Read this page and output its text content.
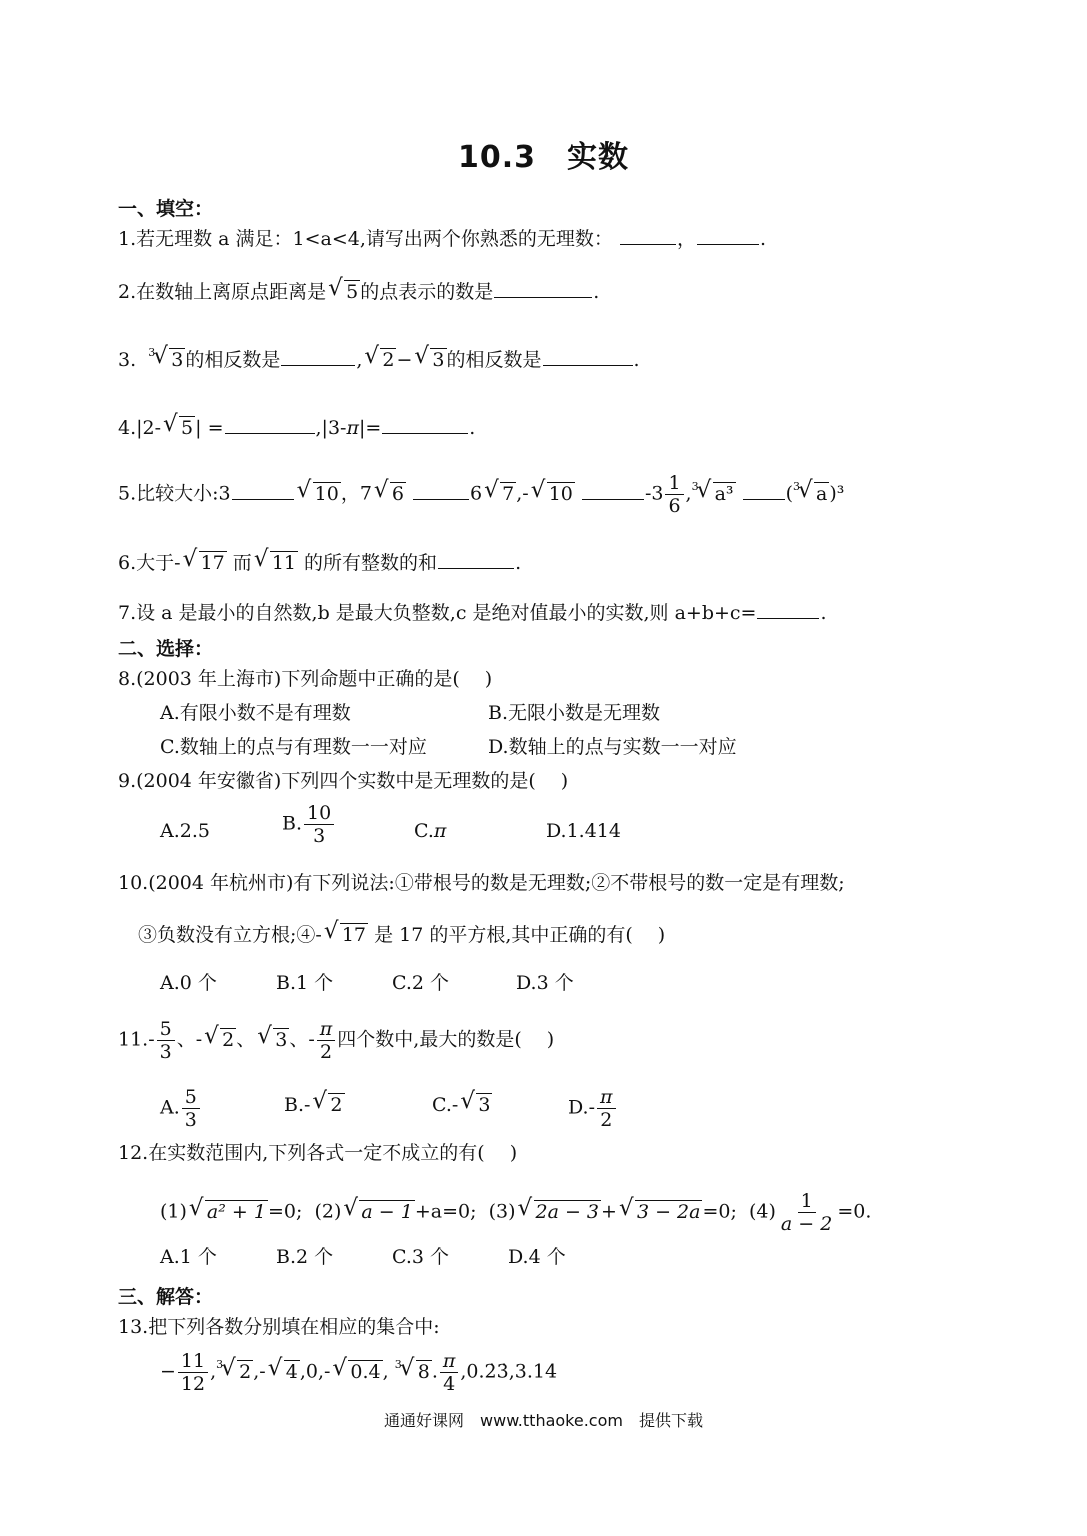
10.3　实数
一、填空：
1.若无理数 a 满足：1<a<4,请写出两个你熟悉的无理数：	，	.
2.在数轴上离原点距离是√ 5 的点表示的数是	.
3. $^3$√ 3 的相反数是	,√ 2 −√ 3 的相反数是	.
4.|2-√ 5 | =	,|3-π|=	.
5.比较大小:3√	10 ，7√ 6	6√ 7 ,-√ 10	$-3 \frac{1}{6} ,^3√$ a³	($^3$√ a )³
6.大于-√ 17 而√ 11 的所有整数的和	.
7.设 a 是最小的自然数,b 是最大负整数,c 是绝对值最小的实数,则 a+b+c=	.
二、选择：
8.(2003 年上海市)下列命题中正确的是(　 )
A.有限小数不是有理数	B.无限小数是无理数
C.数轴上的点与有理数一一对应	D.数轴上的点与实数一一对应
9.(2004 年安徽省)下列四个实数中是无理数的是(　 )
A.2.5	B. $\frac{10}{3}$	C.π	D.1.414
10.(2004 年杭州市)有下列说法:①带根号的数是无理数;②不带根号的数一定是有理数;
③负数没有立方根;④-√ 17 是 17 的平方根,其中正确的有(　 )
A.0 个	B.1 个	C.2 个	D.3 个
$11.- \frac{5}{3}$ 、-√ 2 、√ 3 、- $\frac{\pi}{2}$ 四个数中,最大的数是(　 )
A. $\frac{5}{3}$	B.-√ 2	C.-√ 3	$D.- \frac{\pi}{2}$
12.在实数范围内,下列各式一定不成立的有(　 )
(1)√ a² + 1 =0; (2)√ a − 1 +a=0; (3)√ 2a − 3 +√ 3 − 2a =0; $(4) \frac{1}{a - 2} =0$.
A.1 个	B.2 个	C.3 个	D.4 个
三、解答：
13.把下列各数分别填在相应的集合中:
− $\frac{11}{12} ,^3√$ 2 ,-√ 4 ,0,-√ 0.4 , $^3$√ 8 . $\frac{\pi}{4}$ ,0.2̇3̇,3.14
通通好课网　www.tthaoke.com　提供下载
